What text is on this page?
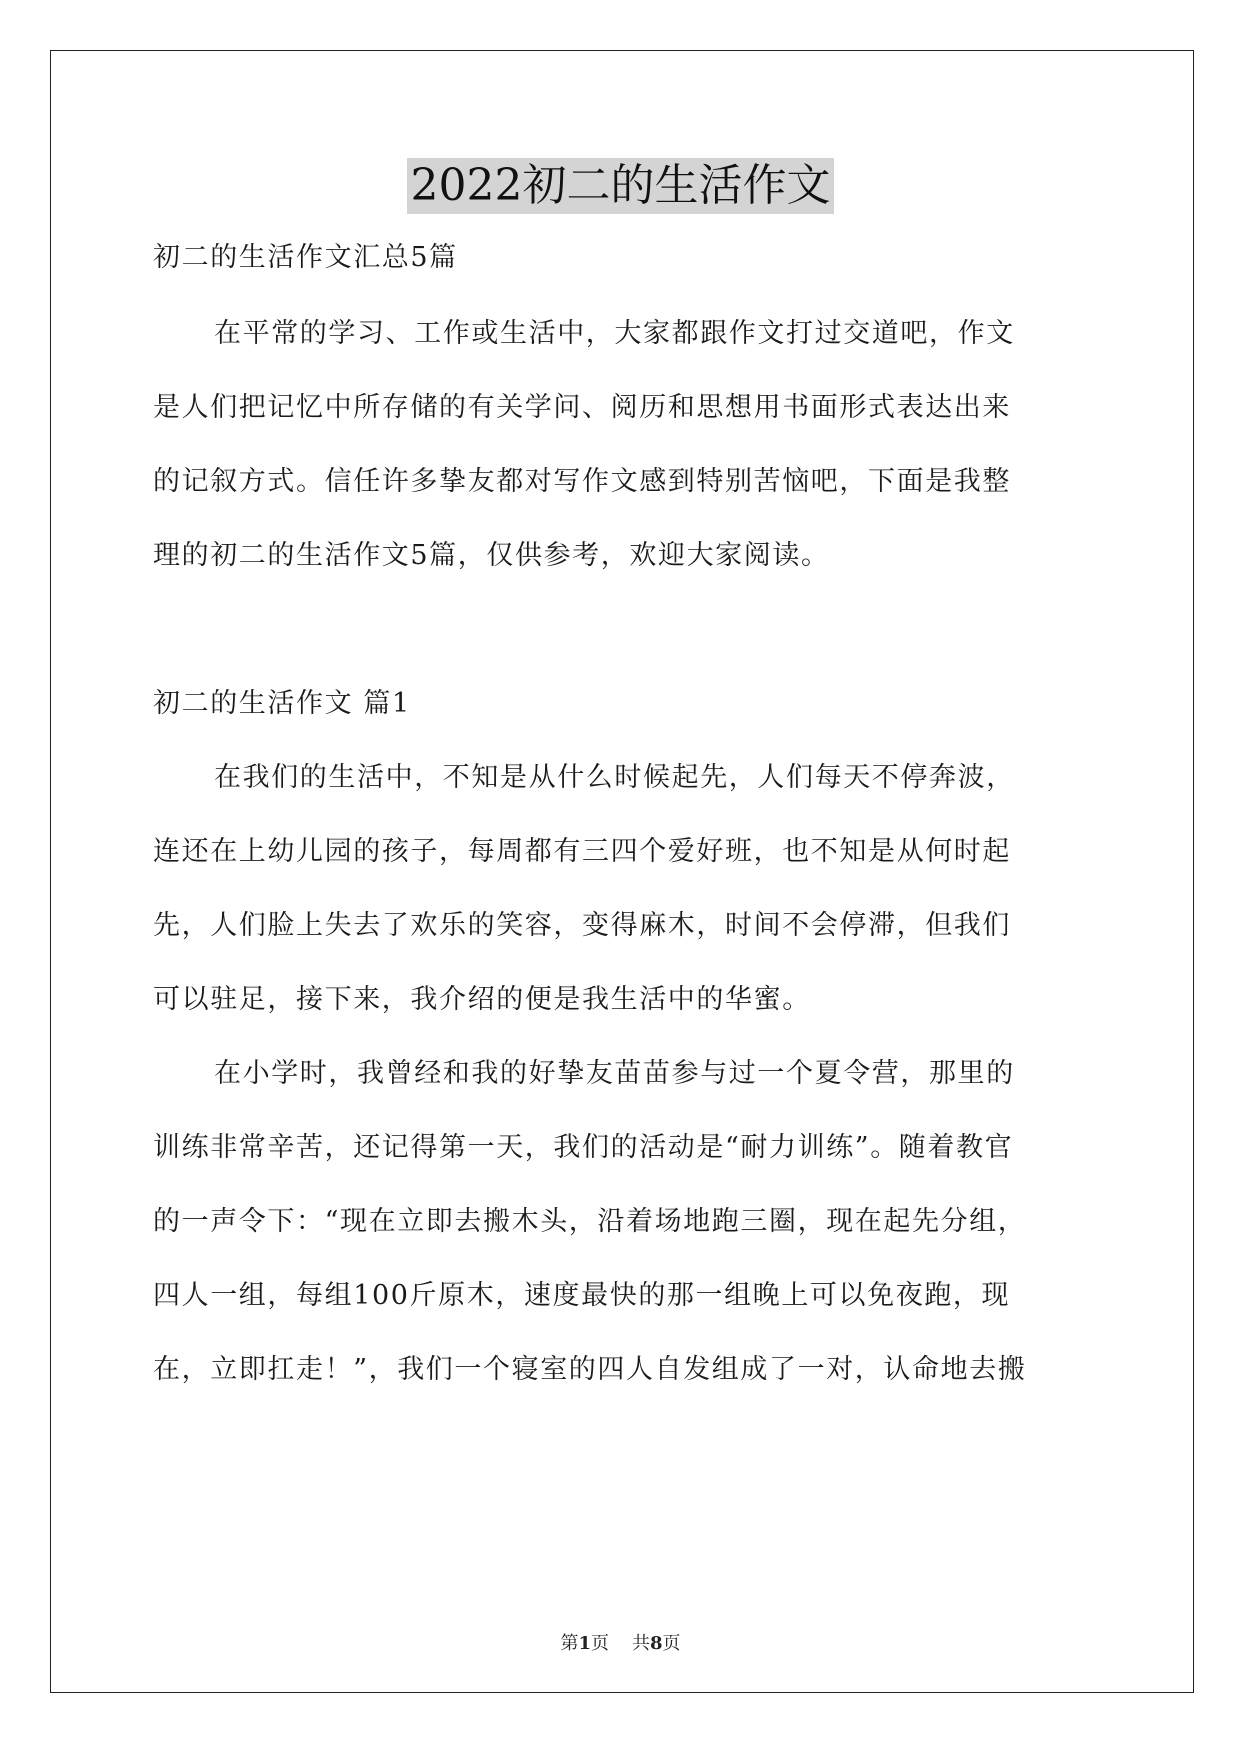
2022初二的生活作文
初二的生活作文汇总5篇
在平常的学习、工作或生活中，大家都跟作文打过交道吧，作文
是人们把记忆中所存储的有关学问、阅历和思想用书面形式表达出来
的记叙方式。信任许多挚友都对写作文感到特别苦恼吧，下面是我整
理的初二的生活作文5篇，仅供参考，欢迎大家阅读。
初二的生活作文 篇1
在我们的生活中，不知是从什么时候起先，人们每天不停奔波，
连还在上幼儿园的孩子，每周都有三四个爱好班，也不知是从何时起
先，人们脸上失去了欢乐的笑容，变得麻木，时间不会停滞，但我们
可以驻足，接下来，我介绍的便是我生活中的华蜜。
在小学时，我曾经和我的好挚友苗苗参与过一个夏令营，那里的
训练非常辛苦，还记得第一天，我们的活动是“耐力训练”。随着教官
的一声令下：“现在立即去搬木头，沿着场地跑三圈，现在起先分组，
四人一组，每组100斤原木，速度最快的那一组晚上可以免夜跑，现
在，立即扛走！”，我们一个寝室的四人自发组成了一对，认命地去搬
第1页 共8页
